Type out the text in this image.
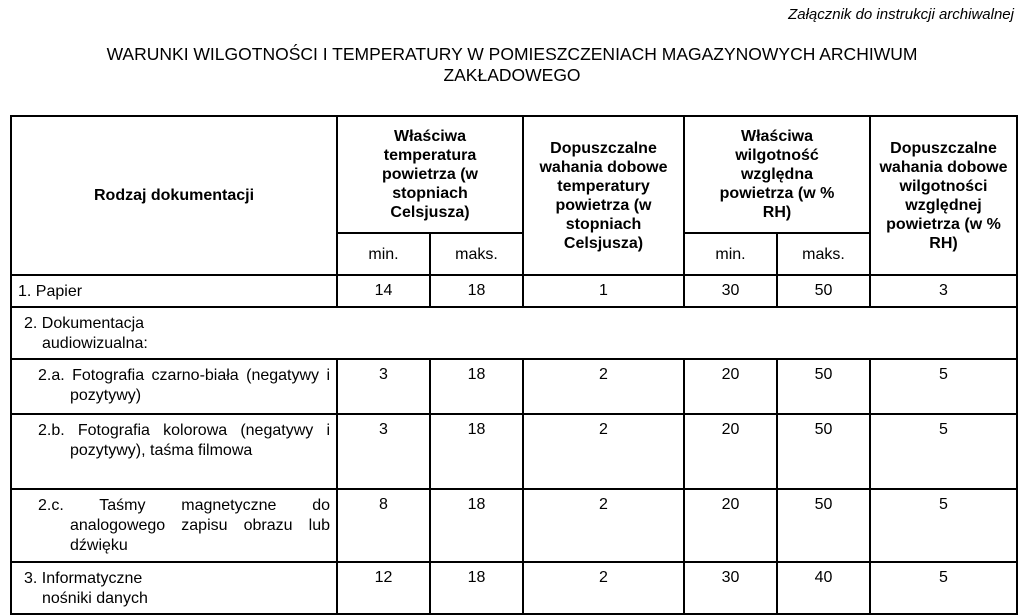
Załącznik do instrukcji archiwalnej
WARUNKI WILGOTNOŚCI I TEMPERATURY W POMIESZCZENIACH MAGAZYNOWYCH ARCHIWUM
ZAKŁADOWEGO
Rodzaj dokumentacji	Właściwa temperatura powietrza (w stopniach Celsjusza)		Dopuszczalne wahania dobowe temperatury powietrza (w stopniach Celsjusza)	Właściwa wilgotność względna powietrza (w % RH)		Dopuszczalne wahania dobowe wilgotności względnej powietrza (w % RH)
	min.	maks.		min.	maks.	
1. Papier	14	18	1	30	50	3

2. Dokumentacja audiowizualna:						

2.a. Fotografia czarno-biała (negatywy i pozytywy)	3	18	2	20	50	5

2.b. Fotografia kolorowa (negatywy i pozytywy), taśma filmowa	3	18	2	20	50	5

2.c. Taśmy magnetyczne do analogowego zapisu obrazu lub dźwięku	8	18	2	20	50	5

3. Informatyczne nośniki danych	12	18	2	30	40	5
